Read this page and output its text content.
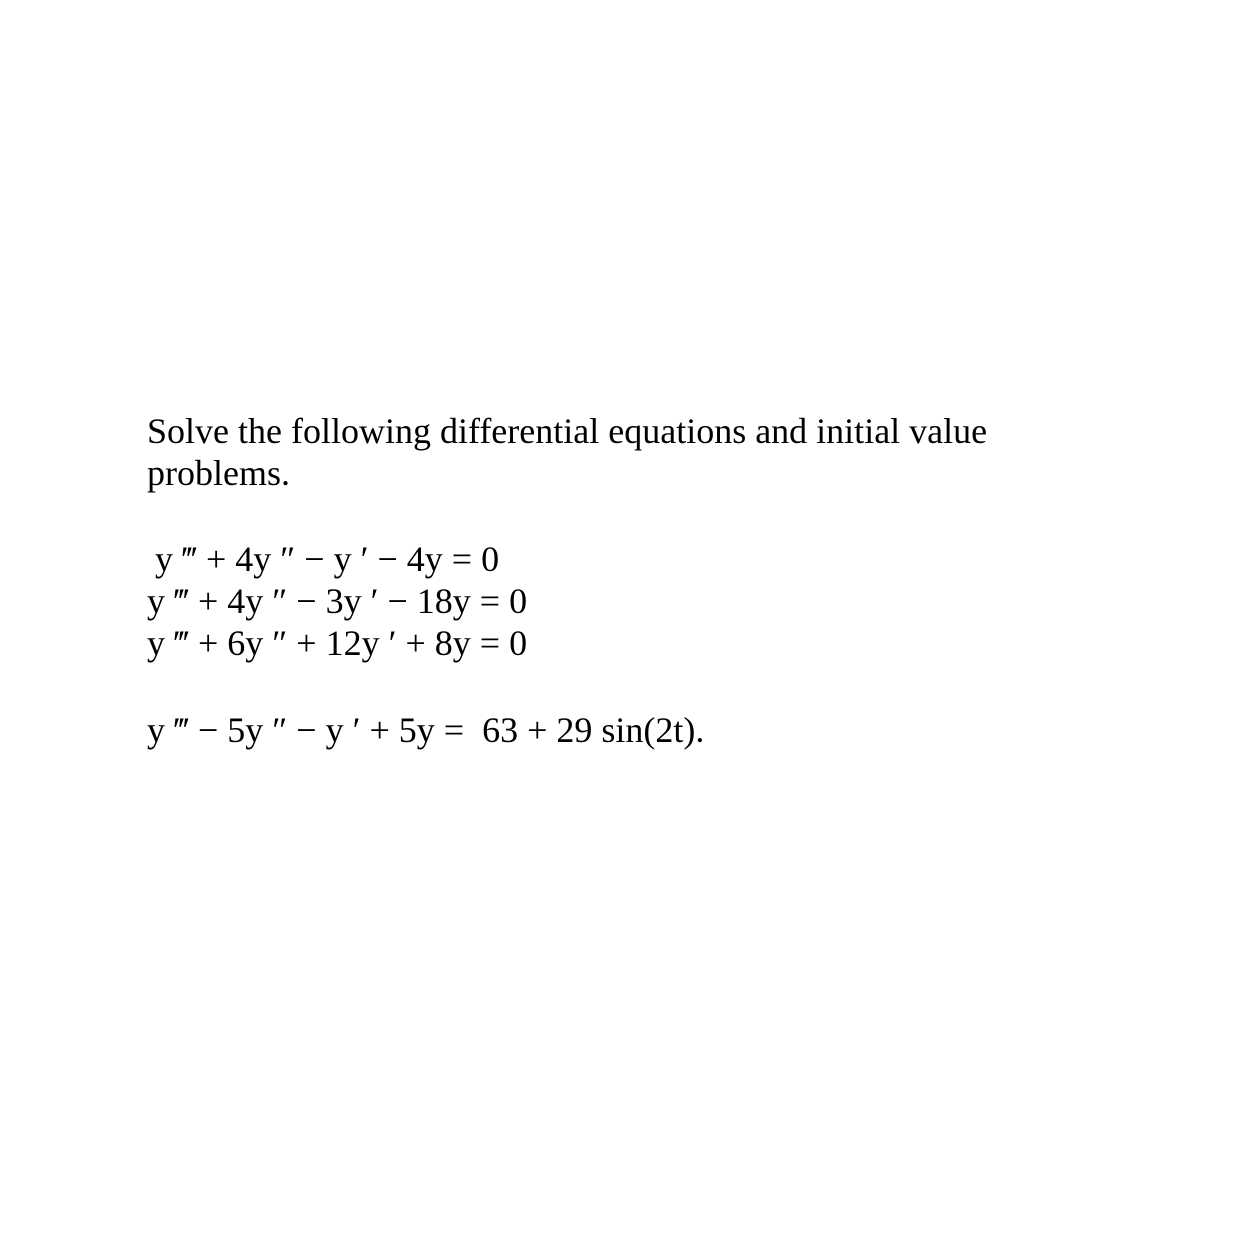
Solve the following differential equations and initial value
problems.
y ‴ + 4y ″ − y ′ − 4y = 0
y ‴ + 4y ″ − 3y ′ − 18y = 0
y ‴ + 6y ″ + 12y ′ + 8y = 0
y ‴ − 5y ″ − y ′ + 5y =  63 + 29 sin(2t).
